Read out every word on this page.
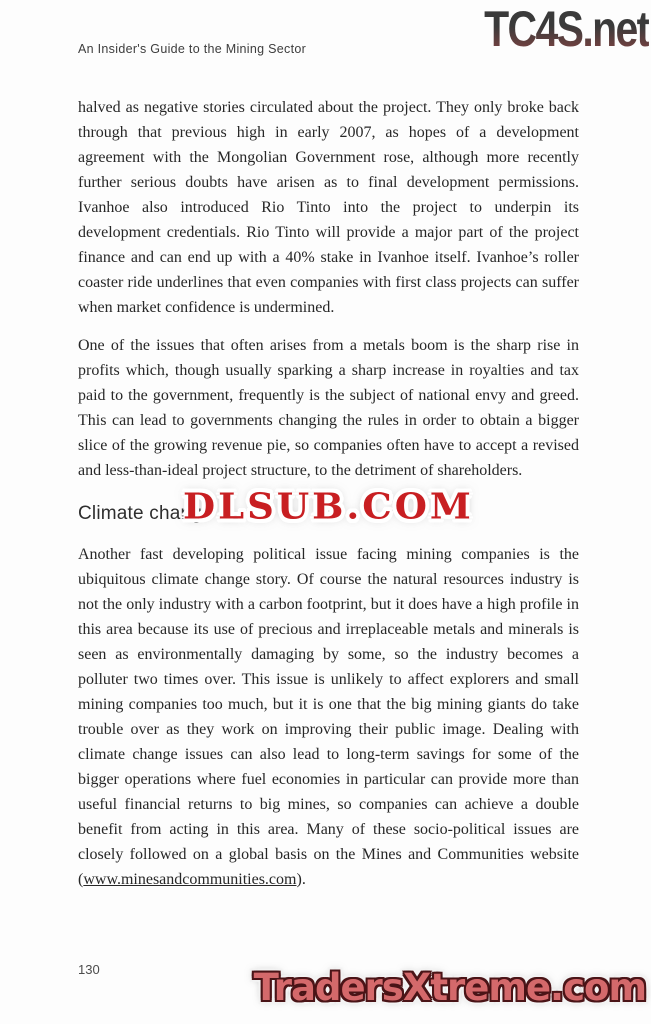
An Insider's Guide to the Mining Sector	TC4S.net

halved as negative stories circulated about the project. They only broke back through that previous high in early 2007, as hopes of a development agreement with the Mongolian Government rose, although more recently further serious doubts have arisen as to final development permissions. Ivanhoe also introduced Rio Tinto into the project to underpin its development credentials. Rio Tinto will provide a major part of the project finance and can end up with a 40% stake in Ivanhoe itself. Ivanhoe’s roller coaster ride underlines that even companies with first class projects can suffer when market confidence is undermined.

One of the issues that often arises from a metals boom is the sharp rise in profits which, though usually sparking a sharp increase in royalties and tax paid to the government, frequently is the subject of national envy and greed. This can lead to governments changing the rules in order to obtain a bigger slice of the growing revenue pie, so companies often have to accept a revised and less-than-ideal project structure, to the detriment of shareholders.

Climate change

Another fast developing political issue facing mining companies is the ubiquitous climate change story. Of course the natural resources industry is not the only industry with a carbon footprint, but it does have a high profile in this area because its use of precious and irreplaceable metals and minerals is seen as environmentally damaging by some, so the industry becomes a polluter two times over. This issue is unlikely to affect explorers and small mining companies too much, but it is one that the big mining giants do take trouble over as they work on improving their public image. Dealing with climate change issues can also lead to long-term savings for some of the bigger operations where fuel economies in particular can provide more than useful financial returns to big mines, so companies can achieve a double benefit from acting in this area. Many of these socio-political issues are closely followed on a global basis on the Mines and Communities website (www.minesandcommunities.com).

DLSUB.COM
130	TradersXtreme.com
